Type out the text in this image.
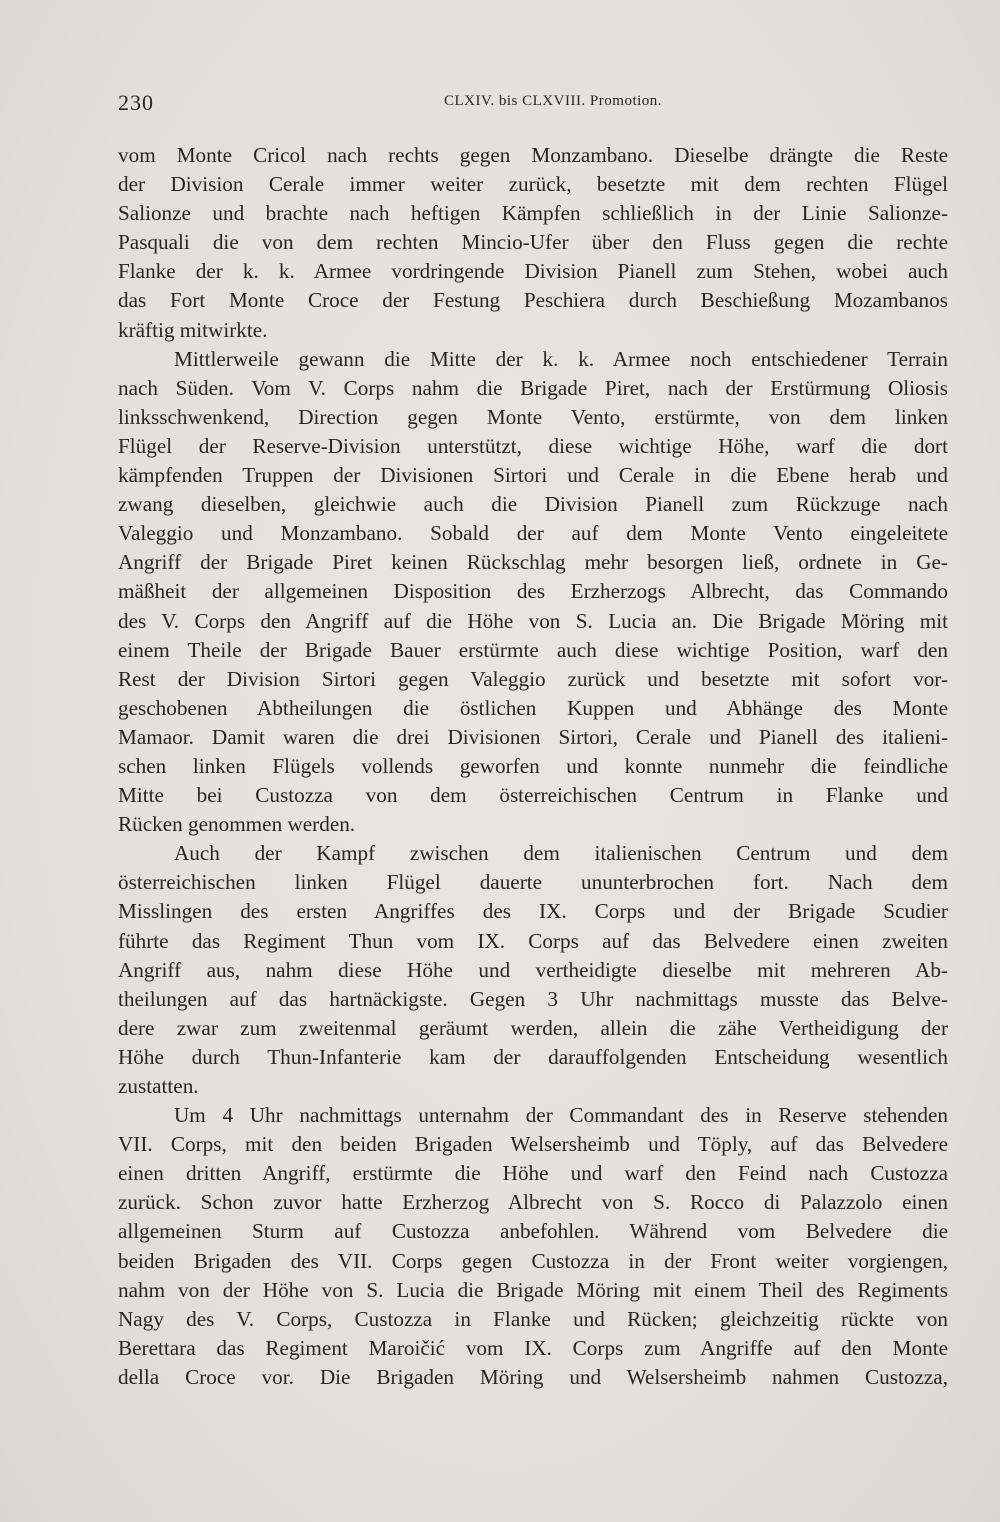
230	CLXIV. bis CLXVIII. Promotion.
vom Monte Cricol nach rechts gegen Monzambano. Dieselbe drängte die Reste
der Division Cerale immer weiter zurück, besetzte mit dem rechten Flügel
Salionze und brachte nach heftigen Kämpfen schließlich in der Linie Salionze-
Pasquali die von dem rechten Mincio-Ufer über den Fluss gegen die rechte
Flanke der k. k. Armee vordringende Division Pianell zum Stehen, wobei auch
das Fort Monte Croce der Festung Peschiera durch Beschießung Mozambanos
kräftig mitwirkte.
Mittlerweile gewann die Mitte der k. k. Armee noch entschiedener Terrain
nach Süden. Vom V. Corps nahm die Brigade Piret, nach der Erstürmung Oliosis
linksschwenkend, Direction gegen Monte Vento, erstürmte, von dem linken
Flügel der Reserve-Division unterstützt, diese wichtige Höhe, warf die dort
kämpfenden Truppen der Divisionen Sirtori und Cerale in die Ebene herab und
zwang dieselben, gleichwie auch die Division Pianell zum Rückzuge nach
Valeggio und Monzambano. Sobald der auf dem Monte Vento eingeleitete
Angriff der Brigade Piret keinen Rückschlag mehr besorgen ließ, ordnete in Ge-
mäßheit der allgemeinen Disposition des Erzherzogs Albrecht, das Commando
des V. Corps den Angriff auf die Höhe von S. Lucia an. Die Brigade Möring mit
einem Theile der Brigade Bauer erstürmte auch diese wichtige Position, warf den
Rest der Division Sirtori gegen Valeggio zurück und besetzte mit sofort vor-
geschobenen Abtheilungen die östlichen Kuppen und Abhänge des Monte
Mamaor. Damit waren die drei Divisionen Sirtori, Cerale und Pianell des italieni-
schen linken Flügels vollends geworfen und konnte nunmehr die feindliche
Mitte bei Custozza von dem österreichischen Centrum in Flanke und
Rücken genommen werden.
Auch der Kampf zwischen dem italienischen Centrum und dem
österreichischen linken Flügel dauerte ununterbrochen fort. Nach dem
Misslingen des ersten Angriffes des IX. Corps und der Brigade Scudier
führte das Regiment Thun vom IX. Corps auf das Belvedere einen zweiten
Angriff aus, nahm diese Höhe und vertheidigte dieselbe mit mehreren Ab-
theilungen auf das hartnäckigste. Gegen 3 Uhr nachmittags musste das Belve-
dere zwar zum zweitenmal geräumt werden, allein die zähe Vertheidigung der
Höhe durch Thun-Infanterie kam der darauffolgenden Entscheidung wesentlich
zustatten.
Um 4 Uhr nachmittags unternahm der Commandant des in Reserve stehenden
VII. Corps, mit den beiden Brigaden Welsersheimb und Töply, auf das Belvedere
einen dritten Angriff, erstürmte die Höhe und warf den Feind nach Custozza
zurück. Schon zuvor hatte Erzherzog Albrecht von S. Rocco di Palazzolo einen
allgemeinen Sturm auf Custozza anbefohlen. Während vom Belvedere die
beiden Brigaden des VII. Corps gegen Custozza in der Front weiter vorgiengen,
nahm von der Höhe von S. Lucia die Brigade Möring mit einem Theil des Regiments
Nagy des V. Corps, Custozza in Flanke und Rücken; gleichzeitig rückte von
Berettara das Regiment Maroičić vom IX. Corps zum Angriffe auf den Monte
della Croce vor. Die Brigaden Möring und Welsersheimb nahmen Custozza,
